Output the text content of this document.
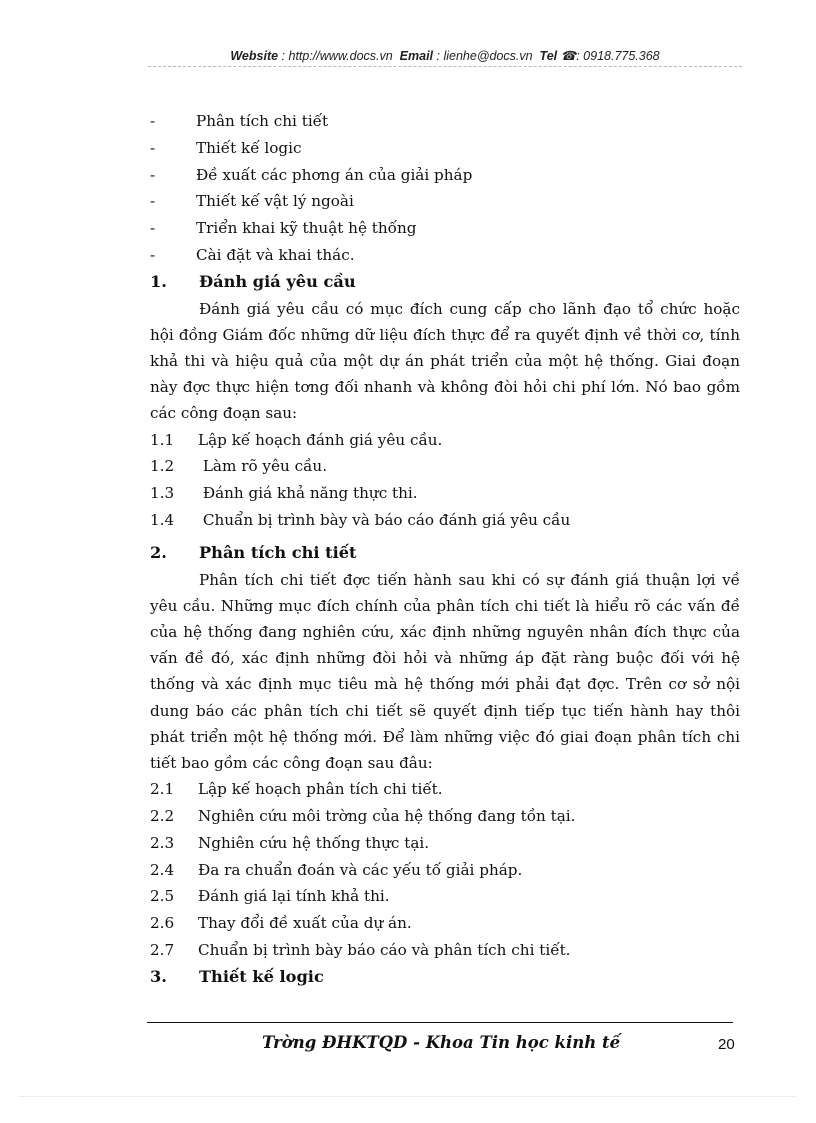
Website : http://www.docs.vn Email : lienhe@docs.vn Tel ☎: 0918.775.368
-	Phân tích chi tiết
-	Thiết kế logic
-	Đề xuất các phơng án của giải pháp
-	Thiết kế vật lý ngoài
-	Triển khai kỹ thuật hệ thống
-	Cài đặt và khai thác.
1. Đánh giá yêu cầu

Đánh giá yêu cầu có mục đích cung cấp cho lãnh đạo tổ chức hoặc hội đồng Giám đốc những dữ liệu đích thực để ra quyết định về thời cơ, tính khả thi và hiệu quả của một dự án phát triển của một hệ thống. Giai đoạn này đợc thực hiện tơng đối nhanh và không đòi hỏi chi phí lớn. Nó bao gồm các công đoạn sau:

1.1 Lập kế hoạch đánh giá yêu cầu.
1.2 Làm rõ yêu cầu.
1.3 Đánh giá khả năng thực thi.
1.4 Chuẩn bị trình bày và báo cáo đánh giá yêu cầu
2. Phân tích chi tiết

Phân tích chi tiết đợc tiến hành sau khi có sự đánh giá thuận lợi về yêu cầu. Những mục đích chính của phân tích chi tiết là hiểu rõ các vấn đề của hệ thống đang nghiên cứu, xác định những nguyên nhân đích thực của vấn đề đó, xác định những đòi hỏi và những áp đặt ràng buộc đối với hệ thống và xác định mục tiêu mà hệ thống mới phải đạt đợc. Trên cơ sở nội dung báo các phân tích chi tiết sẽ quyết định tiếp tục tiến hành hay thôi phát triển một hệ thống mới. Để làm những việc đó giai đoạn phân tích chi tiết bao gồm các công đoạn sau đâu:

2.1 Lập kế hoạch phân tích chi tiết.
2.2 Nghiên cứu môi trờng của hệ thống đang tồn tại.
2.3 Nghiên cứu hệ thống thực tại.
2.4 Đa ra chuẩn đoán và các yếu tố giải pháp.
2.5 Đánh giá lại tính khả thi.
2.6 Thay đổi đề xuất của dự án.
2.7 Chuẩn bị trình bày báo cáo và phân tích chi tiết.
3. Thiết kế logic
Trờng ĐHKTQD - Khoa Tin học kinh tế	20
